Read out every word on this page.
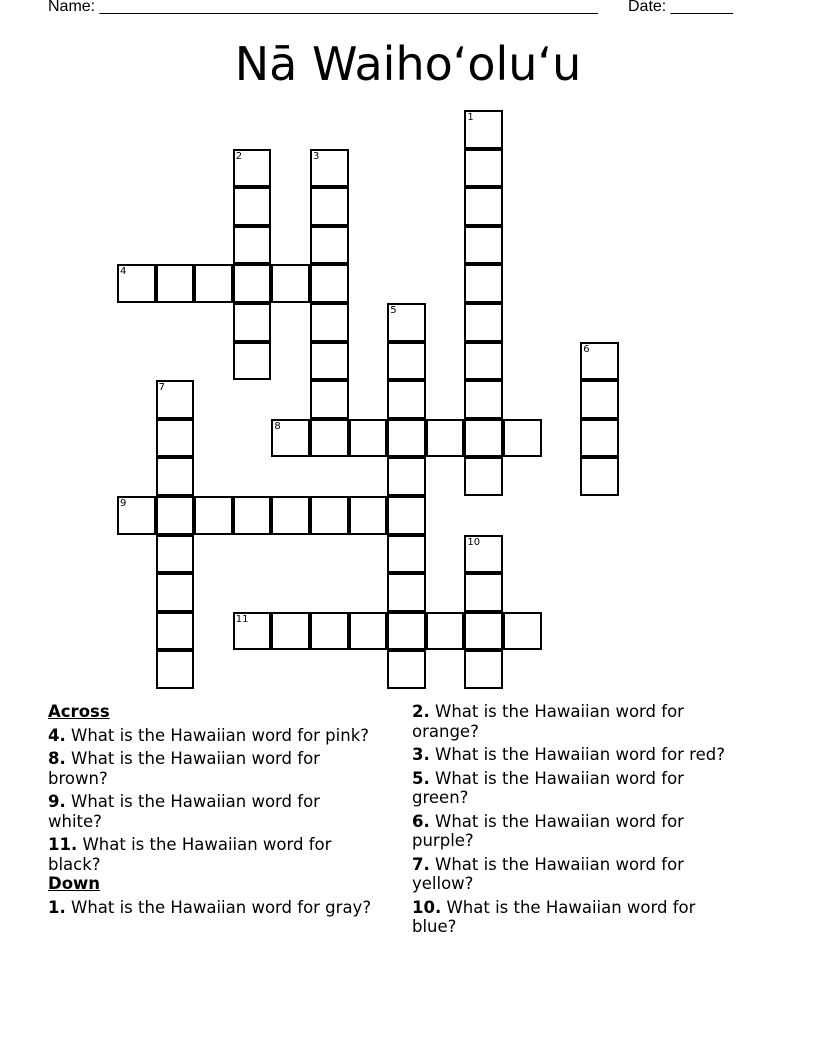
Name: ________________________________________________________ Date: _______
Nā Waihoʻoluʻu
1
2	3
4
5
6
7
8
9
10
11
Across
4. What is the Hawaiian word for pink?
8. What is the Hawaiian word for brown?
9. What is the Hawaiian word for white?
11. What is the Hawaiian word for black?
Down
1. What is the Hawaiian word for gray?
2. What is the Hawaiian word for orange?
3. What is the Hawaiian word for red?
5. What is the Hawaiian word for green?
6. What is the Hawaiian word for purple?
7. What is the Hawaiian word for yellow?
10. What is the Hawaiian word for blue?
